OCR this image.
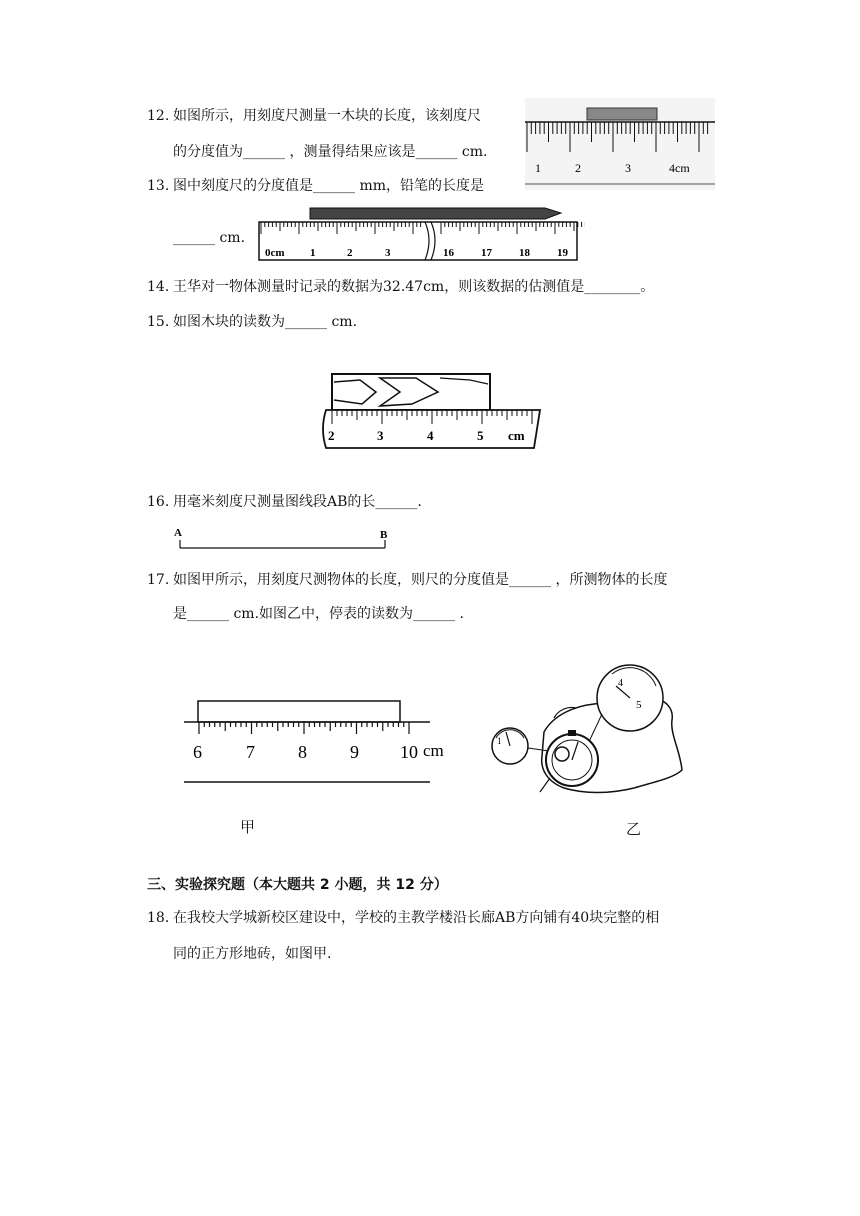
12. 如图所示，用刻度尺测量一木块的长度，该刻度尺
的分度值为______ ，测量得结果应该是______ cm.
1	2	3	4cm
13. 图中刻度尺的分度值是______ mm，铅笔的长度是
______ cm.
0cm 1	2	3	16 17 18 19
14. 王华对一物体测量时记录的数据为32.47cm，则该数据的估测值是________。
15. 如图木块的读数为______ cm.
2	3	4	5 cm
16. 用毫米刻度尺测量图线段AB的长______.
A	B
17. 如图甲所示，用刻度尺测物体的长度，则尺的分度值是______ ，所测物体的长度
是______ cm.如图乙中，停表的读数为______ .
6 7 8 9 10 cm
甲
4
5
1
乙
三、实验探究题（本大题共 2 小题，共 12 分）
18. 在我校大学城新校区建设中，学校的主教学楼沿长廊AB方向铺有40块完整的相
同的正方形地砖，如图甲.
